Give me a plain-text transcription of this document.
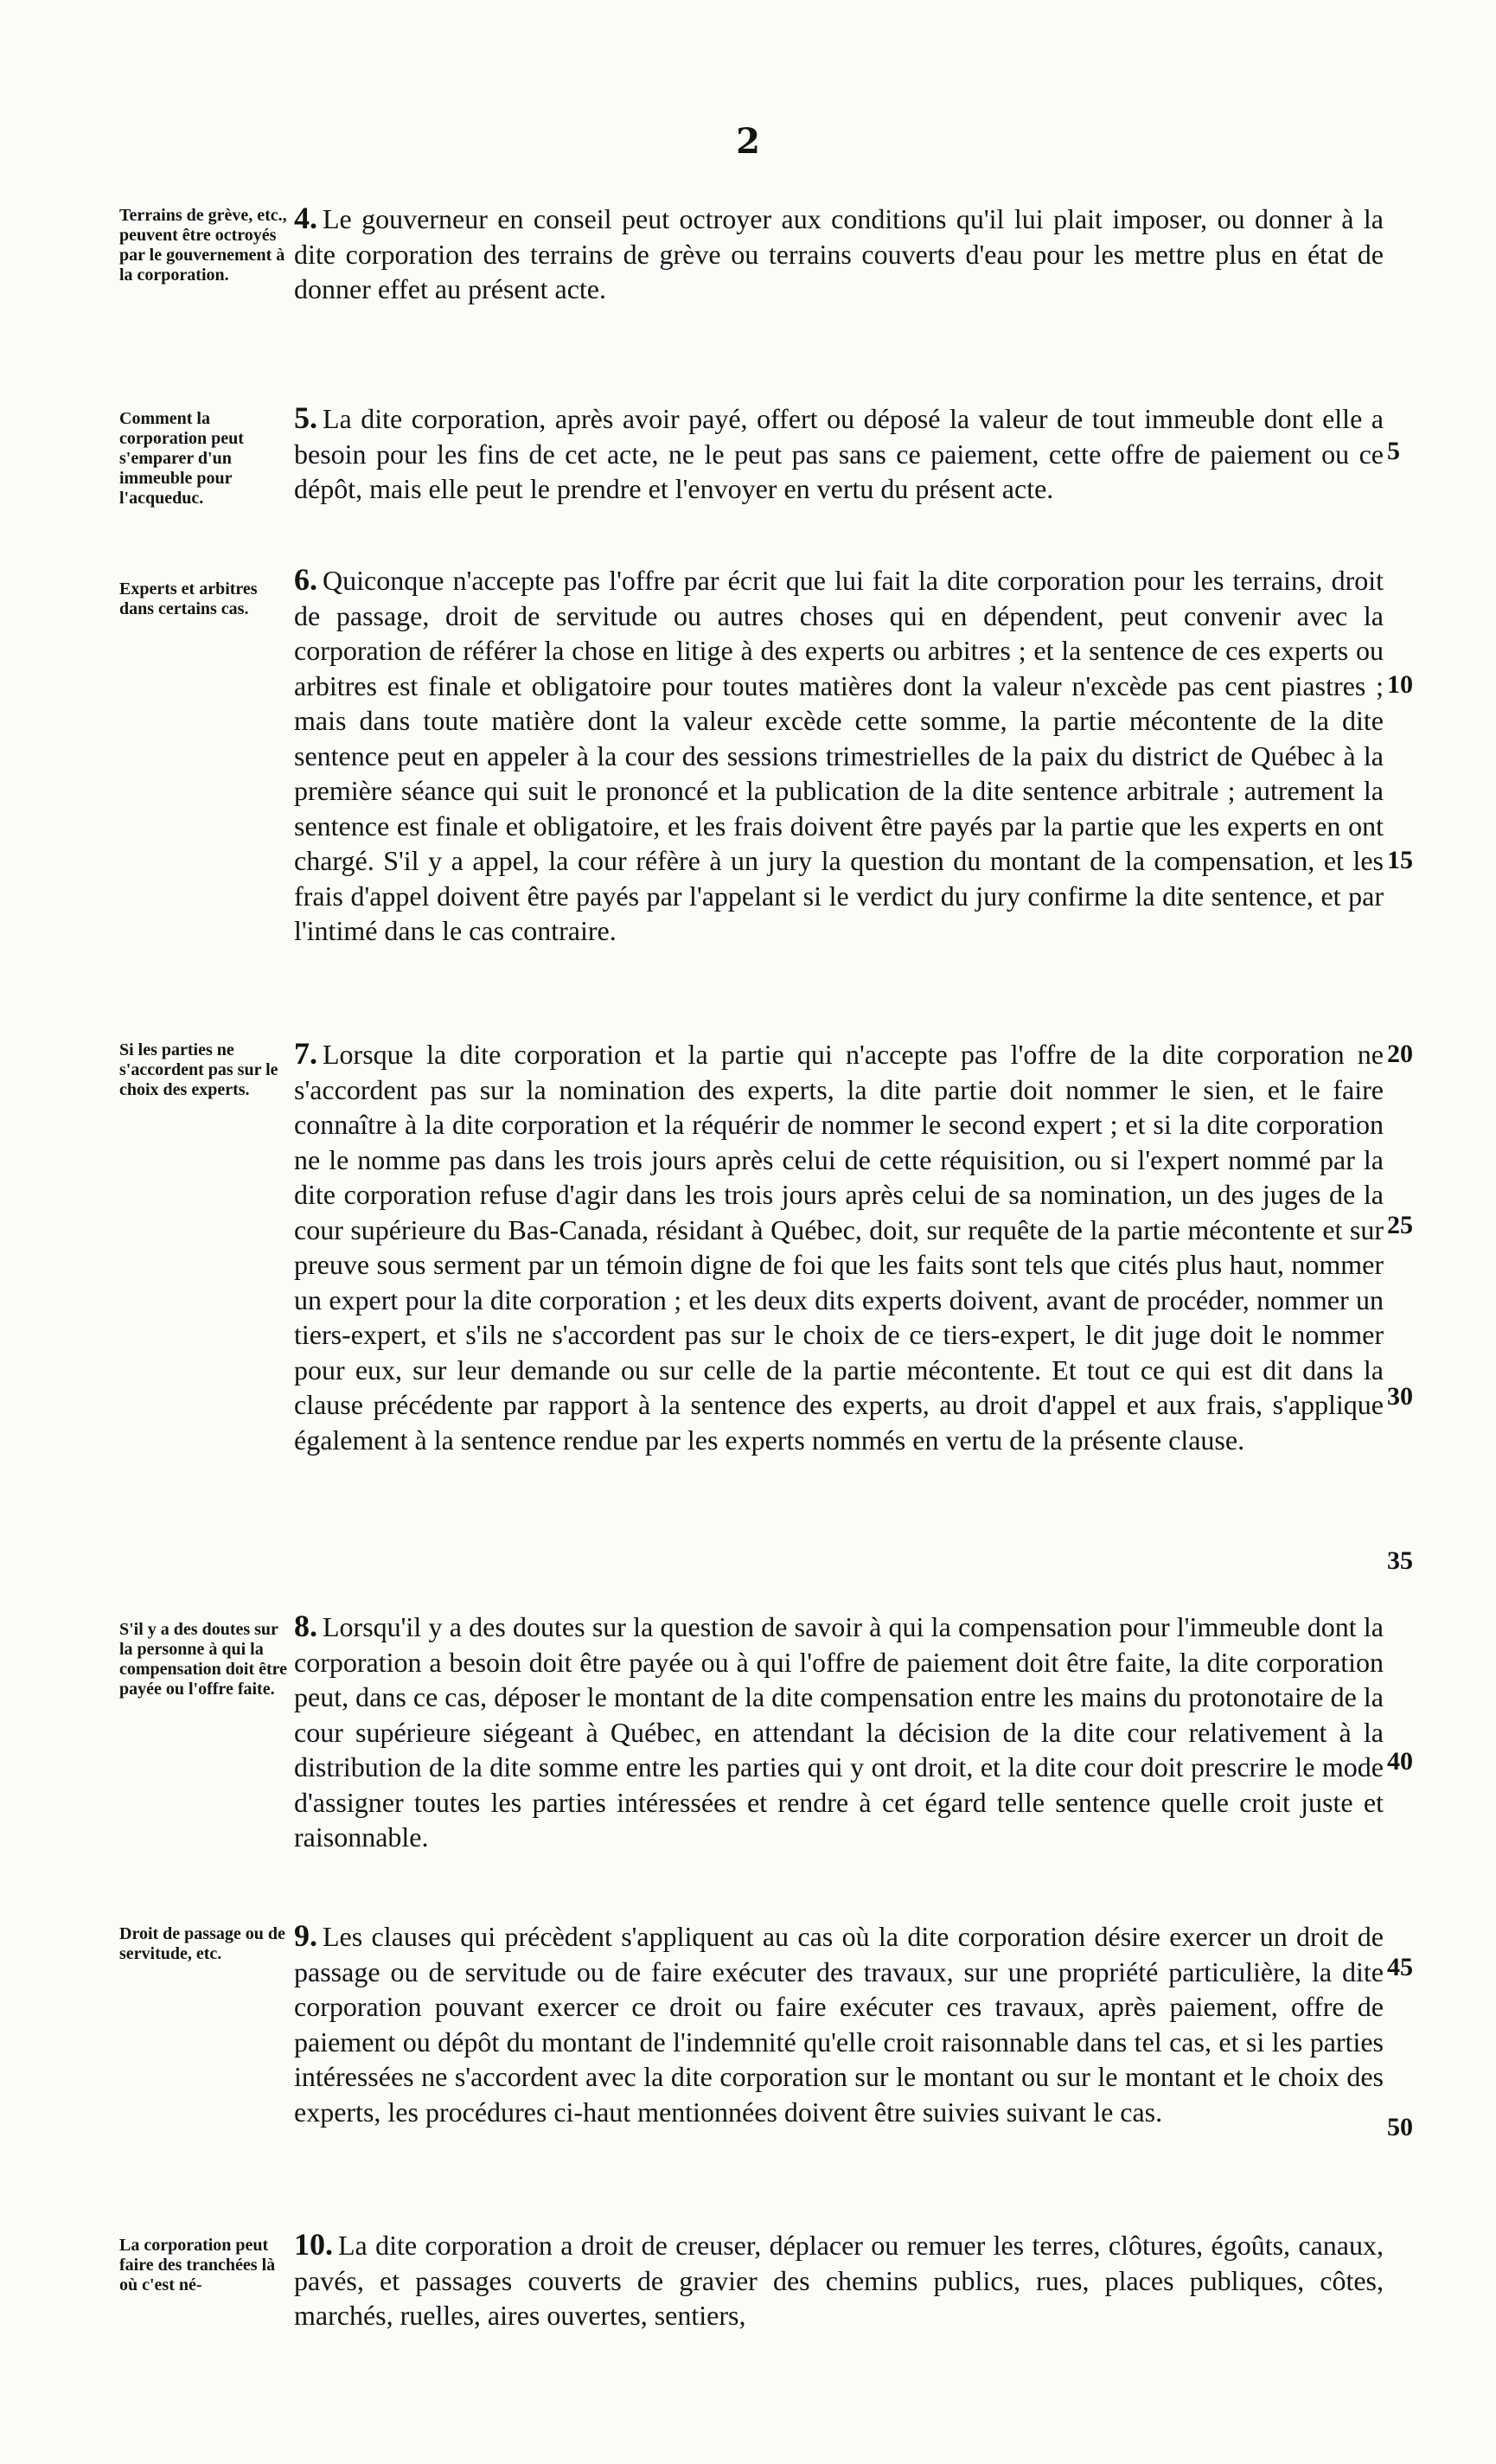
2
Terrains de grève, etc., peuvent être octroyés par le gouvernement à la corporation.
4. Le gouverneur en conseil peut octroyer aux conditions qu'il lui plait imposer, ou donner à la dite corporation des terrains de grève ou terrains couverts d'eau pour les mettre plus en état de donner effet au présent acte.
Comment la corporation peut s'emparer d'un immeuble pour l'acqueduc.
5. La dite corporation, après avoir payé, offert ou déposé la valeur de tout immeuble dont elle a besoin pour les fins de cet acte, ne le peut pas sans ce paiement, cette offre de paiement ou ce dépôt, mais elle peut le prendre et l'envoyer en vertu du présent acte.
Experts et arbitres dans certains cas.
6. Quiconque n'accepte pas l'offre par écrit que lui fait la dite corporation pour les terrains, droit de passage, droit de servitude ou autres choses qui en dépendent, peut convenir avec la corporation de référer la chose en litige à des experts ou arbitres ; et la sentence de ces experts ou arbitres est finale et obligatoire pour toutes matières dont la valeur n'excède pas cent piastres ; mais dans toute matière dont la valeur excède cette somme, la partie mécontente de la dite sentence peut en appeler à la cour des sessions trimestrielles de la paix du district de Québec à la première séance qui suit le prononcé et la publication de la dite sentence arbitrale ; autrement la sentence est finale et obligatoire, et les frais doivent être payés par la partie que les experts en ont chargé. S'il y a appel, la cour réfère à un jury la question du montant de la compensation, et les frais d'appel doivent être payés par l'appelant si le verdict du jury confirme la dite sentence, et par l'intimé dans le cas contraire.
Si les parties ne s'accordent pas sur le choix des experts.
7. Lorsque la dite corporation et la partie qui n'accepte pas l'offre de la dite corporation ne s'accordent pas sur la nomination des experts, la dite partie doit nommer le sien, et le faire connaître à la dite corporation et la réquérir de nommer le second expert ; et si la dite corporation ne le nomme pas dans les trois jours après celui de cette réquisition, ou si l'expert nommé par la dite corporation refuse d'agir dans les trois jours après celui de sa nomination, un des juges de la cour supérieure du Bas-Canada, résidant à Québec, doit, sur requête de la partie mécontente et sur preuve sous serment par un témoin digne de foi que les faits sont tels que cités plus haut, nommer un expert pour la dite corporation ; et les deux dits experts doivent, avant de procéder, nommer un tiers-expert, et s'ils ne s'accordent pas sur le choix de ce tiers-expert, le dit juge doit le nommer pour eux, sur leur demande ou sur celle de la partie mécontente. Et tout ce qui est dit dans la clause précédente par rapport à la sentence des experts, au droit d'appel et aux frais, s'applique également à la sentence rendue par les experts nommés en vertu de la présente clause.
S'il y a des doutes sur la personne à qui la compensation doit être payée ou l'offre faite.
8. Lorsqu'il y a des doutes sur la question de savoir à qui la compensation pour l'immeuble dont la corporation a besoin doit être payée ou à qui l'offre de paiement doit être faite, la dite corporation peut, dans ce cas, déposer le montant de la dite compensation entre les mains du protonotaire de la cour supérieure siégeant à Québec, en attendant la décision de la dite cour relativement à la distribution de la dite somme entre les parties qui y ont droit, et la dite cour doit prescrire le mode d'assigner toutes les parties intéressées et rendre à cet égard telle sentence quelle croit juste et raisonnable.
Droit de passage ou de servitude, etc.
9. Les clauses qui précèdent s'appliquent au cas où la dite corporation désire exercer un droit de passage ou de servitude ou de faire exécuter des travaux, sur une propriété particulière, la dite corporation pouvant exercer ce droit ou faire exécuter ces travaux, après paiement, offre de paiement ou dépôt du montant de l'indemnité qu'elle croit raisonnable dans tel cas, et si les parties intéressées ne s'accordent avec la dite corporation sur le montant ou sur le montant et le choix des experts, les procédures ci-haut mentionnées doivent être suivies suivant le cas.
La corporation peut faire des tranchées là où c'est né-
10. La dite corporation a droit de creuser, déplacer ou remuer les terres, clôtures, égoûts, canaux, pavés, et passages couverts de gravier des chemins publics, rues, places publiques, côtes, marchés, ruelles, aires ouvertes, sentiers,
5
10
15
20
25
30
35
40
45
50
